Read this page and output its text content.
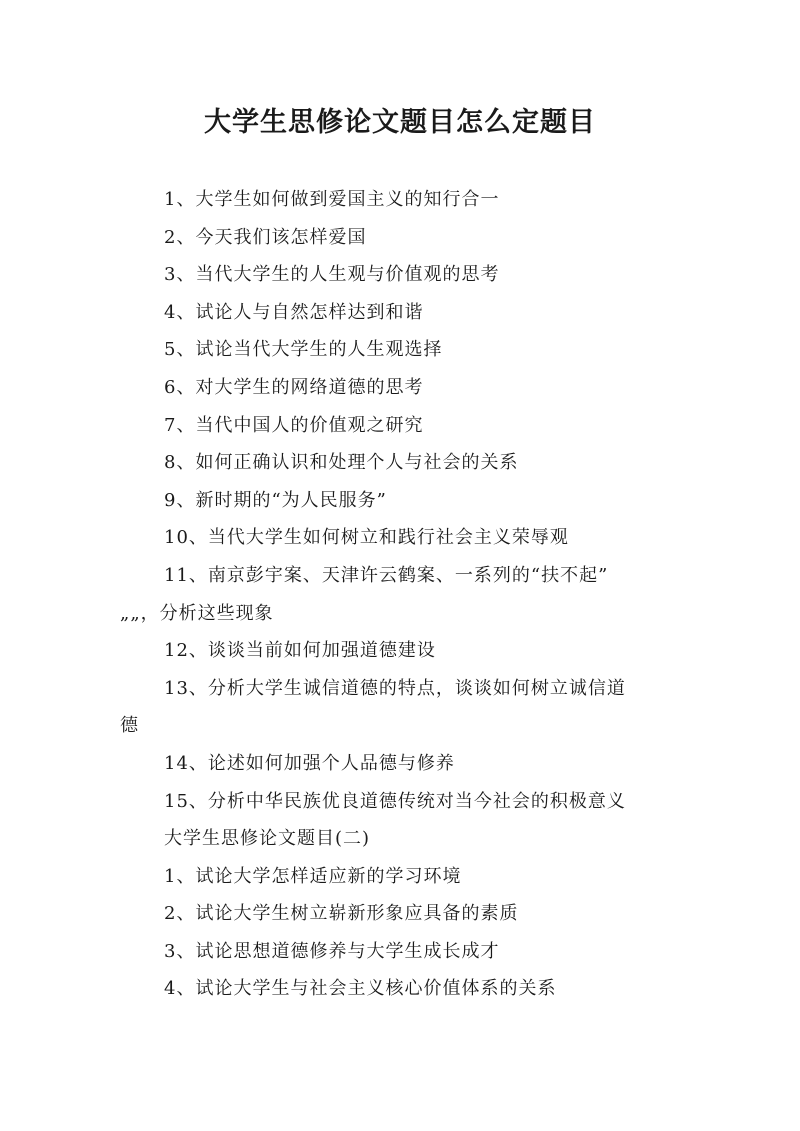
大学生思修论文题目怎么定题目

1、大学生如何做到爱国主义的知行合一

2、今天我们该怎样爱国

3、当代大学生的人生观与价值观的思考

4、试论人与自然怎样达到和谐

5、试论当代大学生的人生观选择

6、对大学生的网络道德的思考

7、当代中国人的价值观之研究

8、如何正确认识和处理个人与社会的关系

9、新时期的“为人民服务”

10、当代大学生如何树立和践行社会主义荣辱观

11、南京彭宇案、天津许云鹤案、一系列的“扶不起”

„„，分析这些现象

12、谈谈当前如何加强道德建设

13、分析大学生诚信道德的特点，谈谈如何树立诚信道

德

14、论述如何加强个人品德与修养

15、分析中华民族优良道德传统对当今社会的积极意义

大学生思修论文题目(二)

1、试论大学怎样适应新的学习环境

2、试论大学生树立崭新形象应具备的素质

3、试论思想道德修养与大学生成长成才

4、试论大学生与社会主义核心价值体系的关系
